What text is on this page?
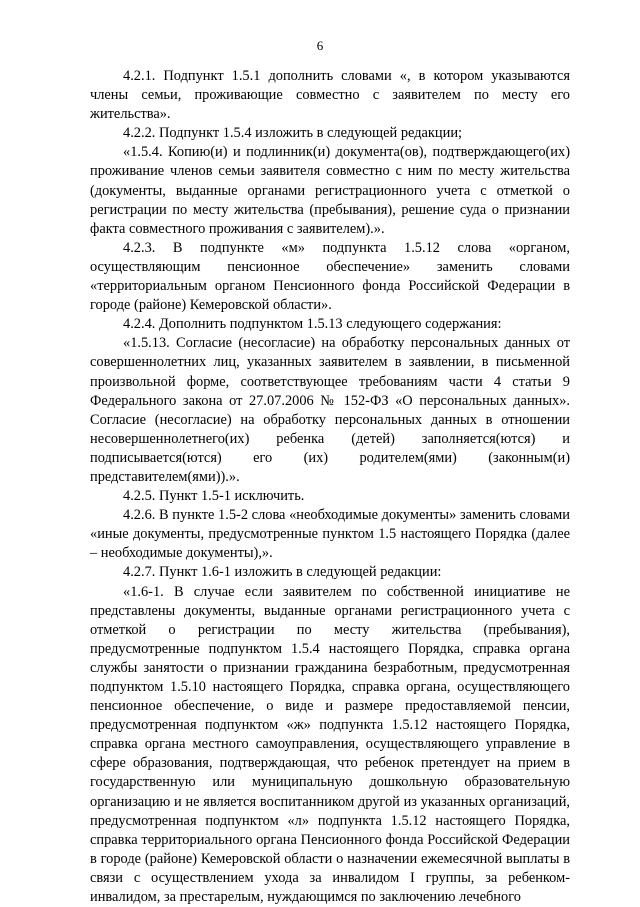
6

4.2.1. Подпункт 1.5.1 дополнить словами «, в котором указываются члены семьи, проживающие совместно с заявителем по месту его жительства».

4.2.2. Подпункт 1.5.4 изложить в следующей редакции;

«1.5.4. Копию(и) и подлинник(и) документа(ов), подтверждающего(их) проживание членов семьи заявителя совместно с ним по месту жительства (документы, выданные органами регистрационного учета с отметкой о регистрации по месту жительства (пребывания), решение суда о признании факта совместного проживания с заявителем).».

4.2.3. В подпункте «м» подпункта 1.5.12 слова «органом, осуществляющим пенсионное обеспечение» заменить словами «территориальным органом Пенсионного фонда Российской Федерации в городе (районе) Кемеровской области».

4.2.4. Дополнить подпунктом 1.5.13 следующего содержания:

«1.5.13. Согласие (несогласие) на обработку персональных данных от совершеннолетних лиц, указанных заявителем в заявлении, в письменной произвольной форме, соответствующее требованиям части 4 статьи 9 Федерального закона от 27.07.2006 № 152-ФЗ «О персональных данных». Согласие (несогласие) на обработку персональных данных в отношении несовершеннолетнего(их) ребенка (детей) заполняется(ются) и подписывается(ются) его (их) родителем(ями) (законным(и) представителем(ями)).».

4.2.5. Пункт 1.5-1 исключить.

4.2.6. В пункте 1.5-2 слова «необходимые документы» заменить словами «иные документы, предусмотренные пунктом 1.5 настоящего Порядка (далее – необходимые документы),».

4.2.7. Пункт 1.6-1 изложить в следующей редакции:

«1.6-1. В случае если заявителем по собственной инициативе не представлены документы, выданные органами регистрационного учета с отметкой о регистрации по месту жительства (пребывания), предусмотренные подпунктом 1.5.4 настоящего Порядка, справка органа службы занятости о признании гражданина безработным, предусмотренная подпунктом 1.5.10 настоящего Порядка, справка органа, осуществляющего пенсионное обеспечение, о виде и размере предоставляемой пенсии, предусмотренная подпунктом «ж» подпункта 1.5.12 настоящего Порядка, справка органа местного самоуправления, осуществляющего управление в сфере образования, подтверждающая, что ребенок претендует на прием в государственную или муниципальную дошкольную образовательную организацию и не является воспитанником другой из указанных организаций, предусмотренная подпунктом «л» подпункта 1.5.12 настоящего Порядка, справка территориального органа Пенсионного фонда Российской Федерации в городе (районе) Кемеровской области о назначении ежемесячной выплаты в связи с осуществлением ухода за инвалидом I группы, за ребенком-инвалидом, за престарелым, нуждающимся по заключению лечебного
